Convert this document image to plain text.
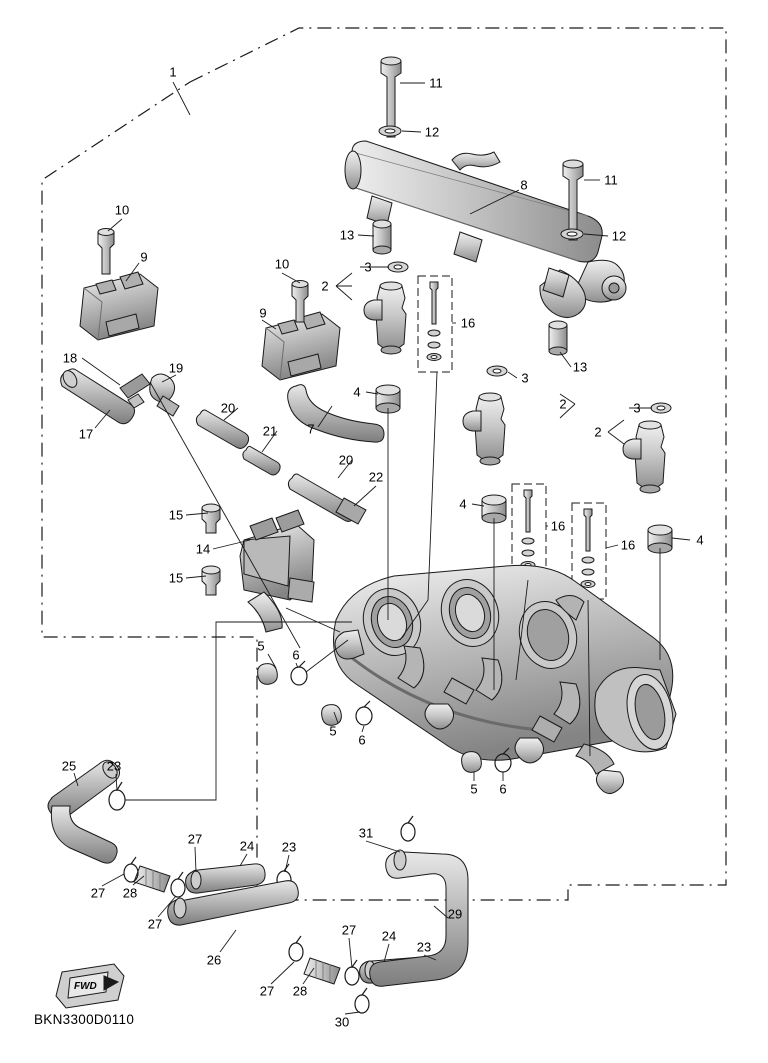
1
11
12
11
8
10
12
13
9	10	3
2
9
16
13
18
3
19
4
17
20	2	3
21 7	2
20
22
4
15
16
14	16	4
15
5
6
5
6
25 23
5 6
31
27	24 23
27 28
27
29
27 24
23
26
27 28
30
BKN3300D0110
FWD
